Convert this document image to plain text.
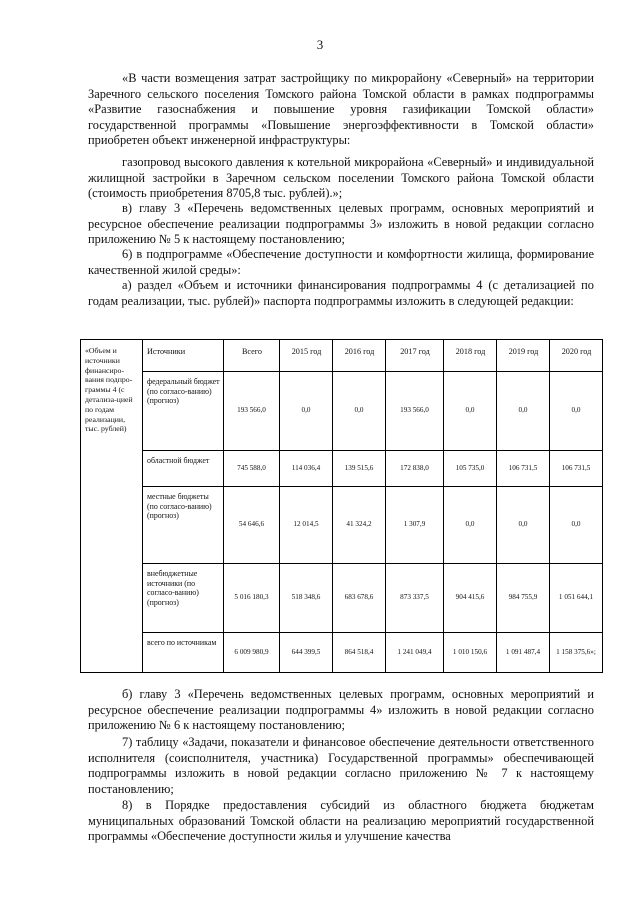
3

«В части возмещения затрат застройщику по микрорайону «Северный» на территории Заречного сельского поселения Томского района Томской области в рамках подпрограммы «Развитие газоснабжения и повышение уровня газификации Томской области» государственной программы «Повышение энергоэффективности в Томской области» приобретен объект инженерной инфраструктуры:

газопровод высокого давления к котельной микрорайона «Северный» и индивидуальной жилищной застройки в Заречном сельском поселении Томского района Томской области (стоимость приобретения 8705,8 тыс. рублей).»;

в) главу 3 «Перечень ведомственных целевых программ, основных мероприятий и ресурсное обеспечение реализации подпрограммы 3» изложить в новой редакции согласно приложению № 5 к настоящему постановлению;

6) в подпрограмме «Обеспечение доступности и комфортности жилища, формирование качественной жилой среды»:

а) раздел «Объем и источники финансирования подпрограммы 4 (с детализацией по годам реализации, тыс. рублей)» паспорта подпрограммы изложить в следующей редакции:

«Объем и источники финансиро-вания подпро-граммы 4 (с детализа-цией по годам реализации, тыс. рублей)	Источники	Всего	2015 год	2016 год	2017 год	2018 год	2019 год	2020 год
	федеральный бюджет (по согласо-ванию) (прогноз)	193 566,0	0,0	0,0	193 566,0	0,0	0,0	0,0
	областной бюджет	745 588,0	114 036,4	139 515,6	172 838,0	105 735,0	106 731,5	106 731,5
	местные бюджеты (по согласо-ванию) (прогноз)	54 646,6	12 014,5	41 324,2	1 307,9	0,0	0,0	0,0
	внебюджетные источники (по согласо-ванию) (прогноз)	5 016 180,3	518 348,6	683 678,6	873 337,5	904 415,6	984 755,9	1 051 644,1
	всего по источникам	6 009 980,9	644 399,5	864 518,4	1 241 049,4	1 010 150,6	1 091 487,4	1 158 375,6»;

б) главу 3 «Перечень ведомственных целевых программ, основных мероприятий и ресурсное обеспечение реализации подпрограммы 4» изложить в новой редакции согласно приложению № 6 к настоящему постановлению;

7) таблицу «Задачи, показатели и финансовое обеспечение деятельности ответственного исполнителя (соисполнителя, участника) Государственной программы» обеспечивающей подпрограммы изложить в новой редакции согласно приложению № 7 к настоящему постановлению;

8) в Порядке предоставления субсидий из областного бюджета бюджетам муниципальных образований Томской области на реализацию мероприятий государственной программы «Обеспечение доступности жилья и улучшение качества
